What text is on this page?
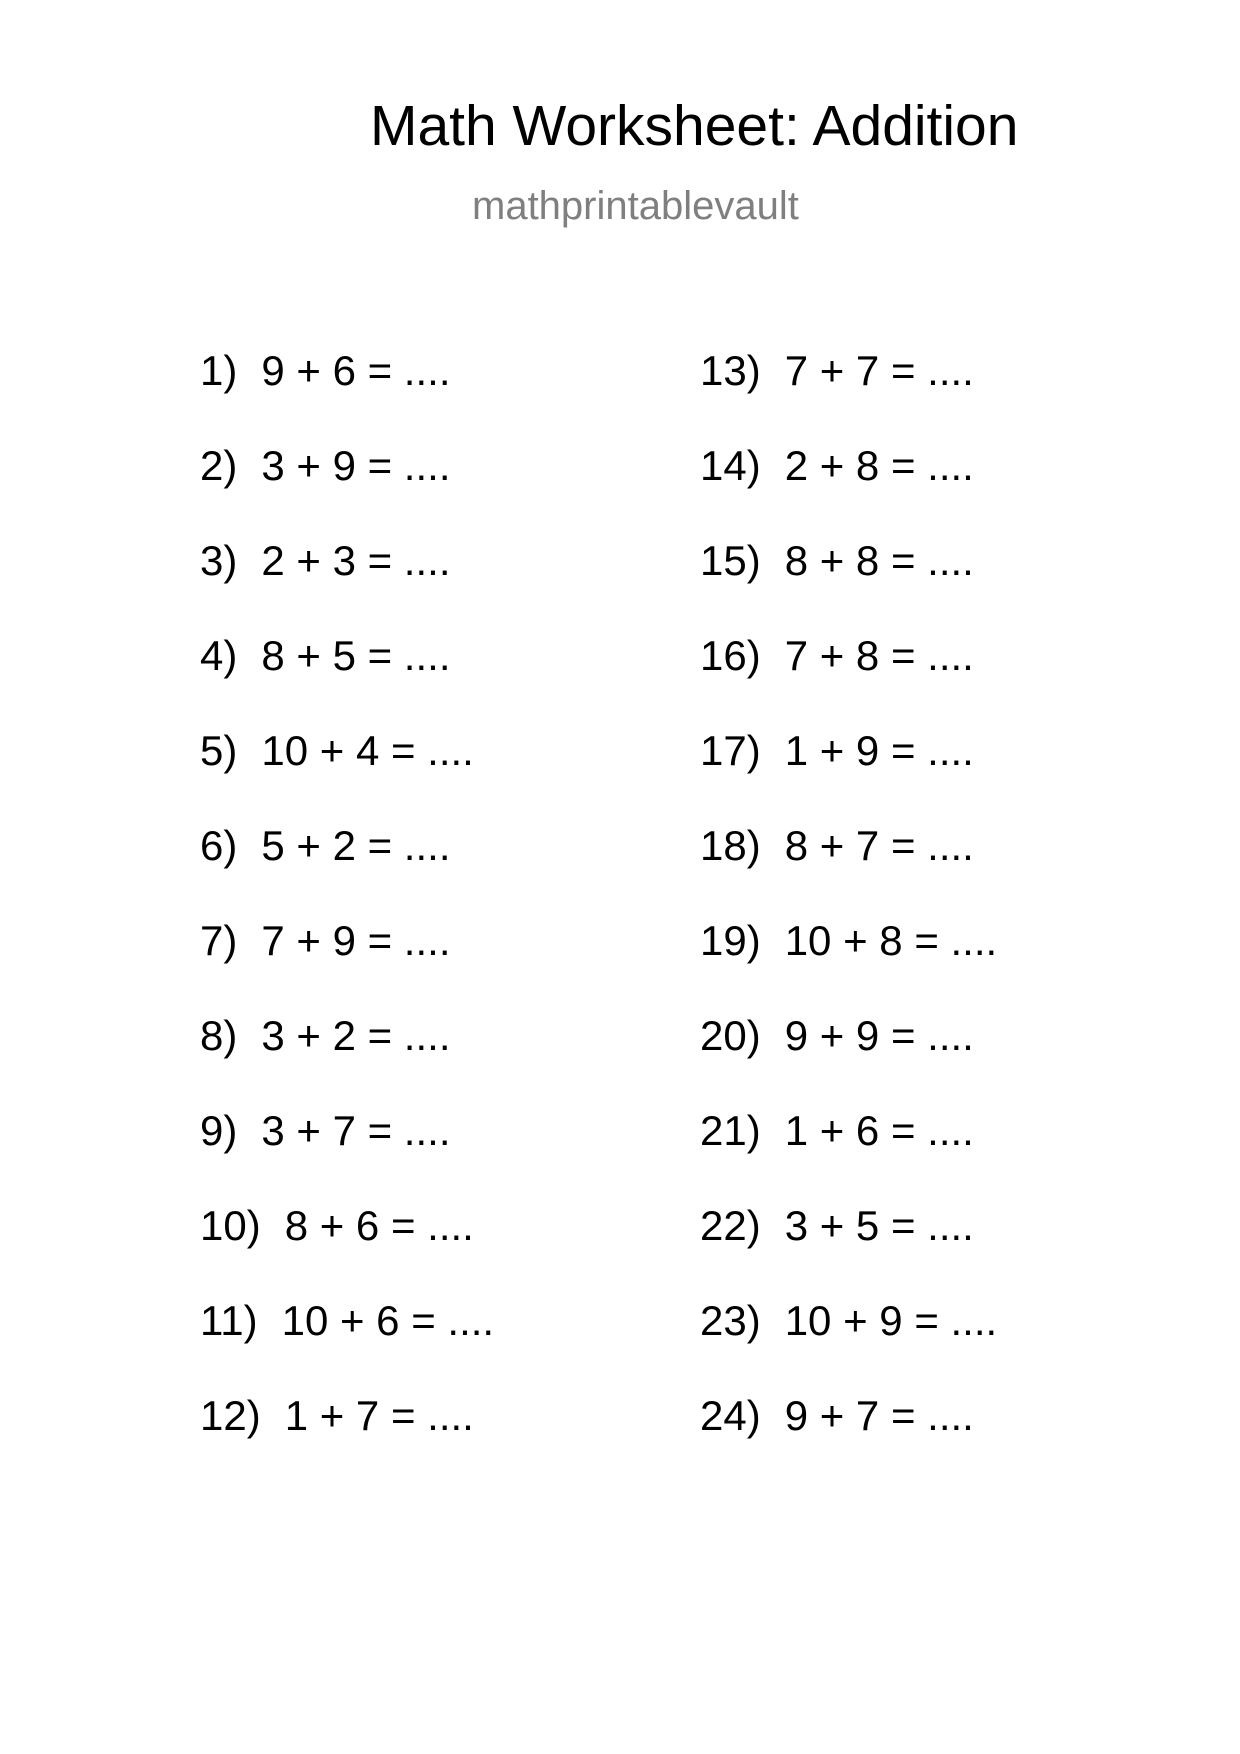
Math Worksheet: Addition
mathprintablevault
1) 9 + 6 = ....
2) 3 + 9 = ....
3) 2 + 3 = ....
4) 8 + 5 = ....
5) 10 + 4 = ....
6) 5 + 2 = ....
7) 7 + 9 = ....
8) 3 + 2 = ....
9) 3 + 7 = ....
10) 8 + 6 = ....
11) 10 + 6 = ....
12) 1 + 7 = ....
13) 7 + 7 = ....
14) 2 + 8 = ....
15) 8 + 8 = ....
16) 7 + 8 = ....
17) 1 + 9 = ....
18) 8 + 7 = ....
19) 10 + 8 = ....
20) 9 + 9 = ....
21) 1 + 6 = ....
22) 3 + 5 = ....
23) 10 + 9 = ....
24) 9 + 7 = ....
